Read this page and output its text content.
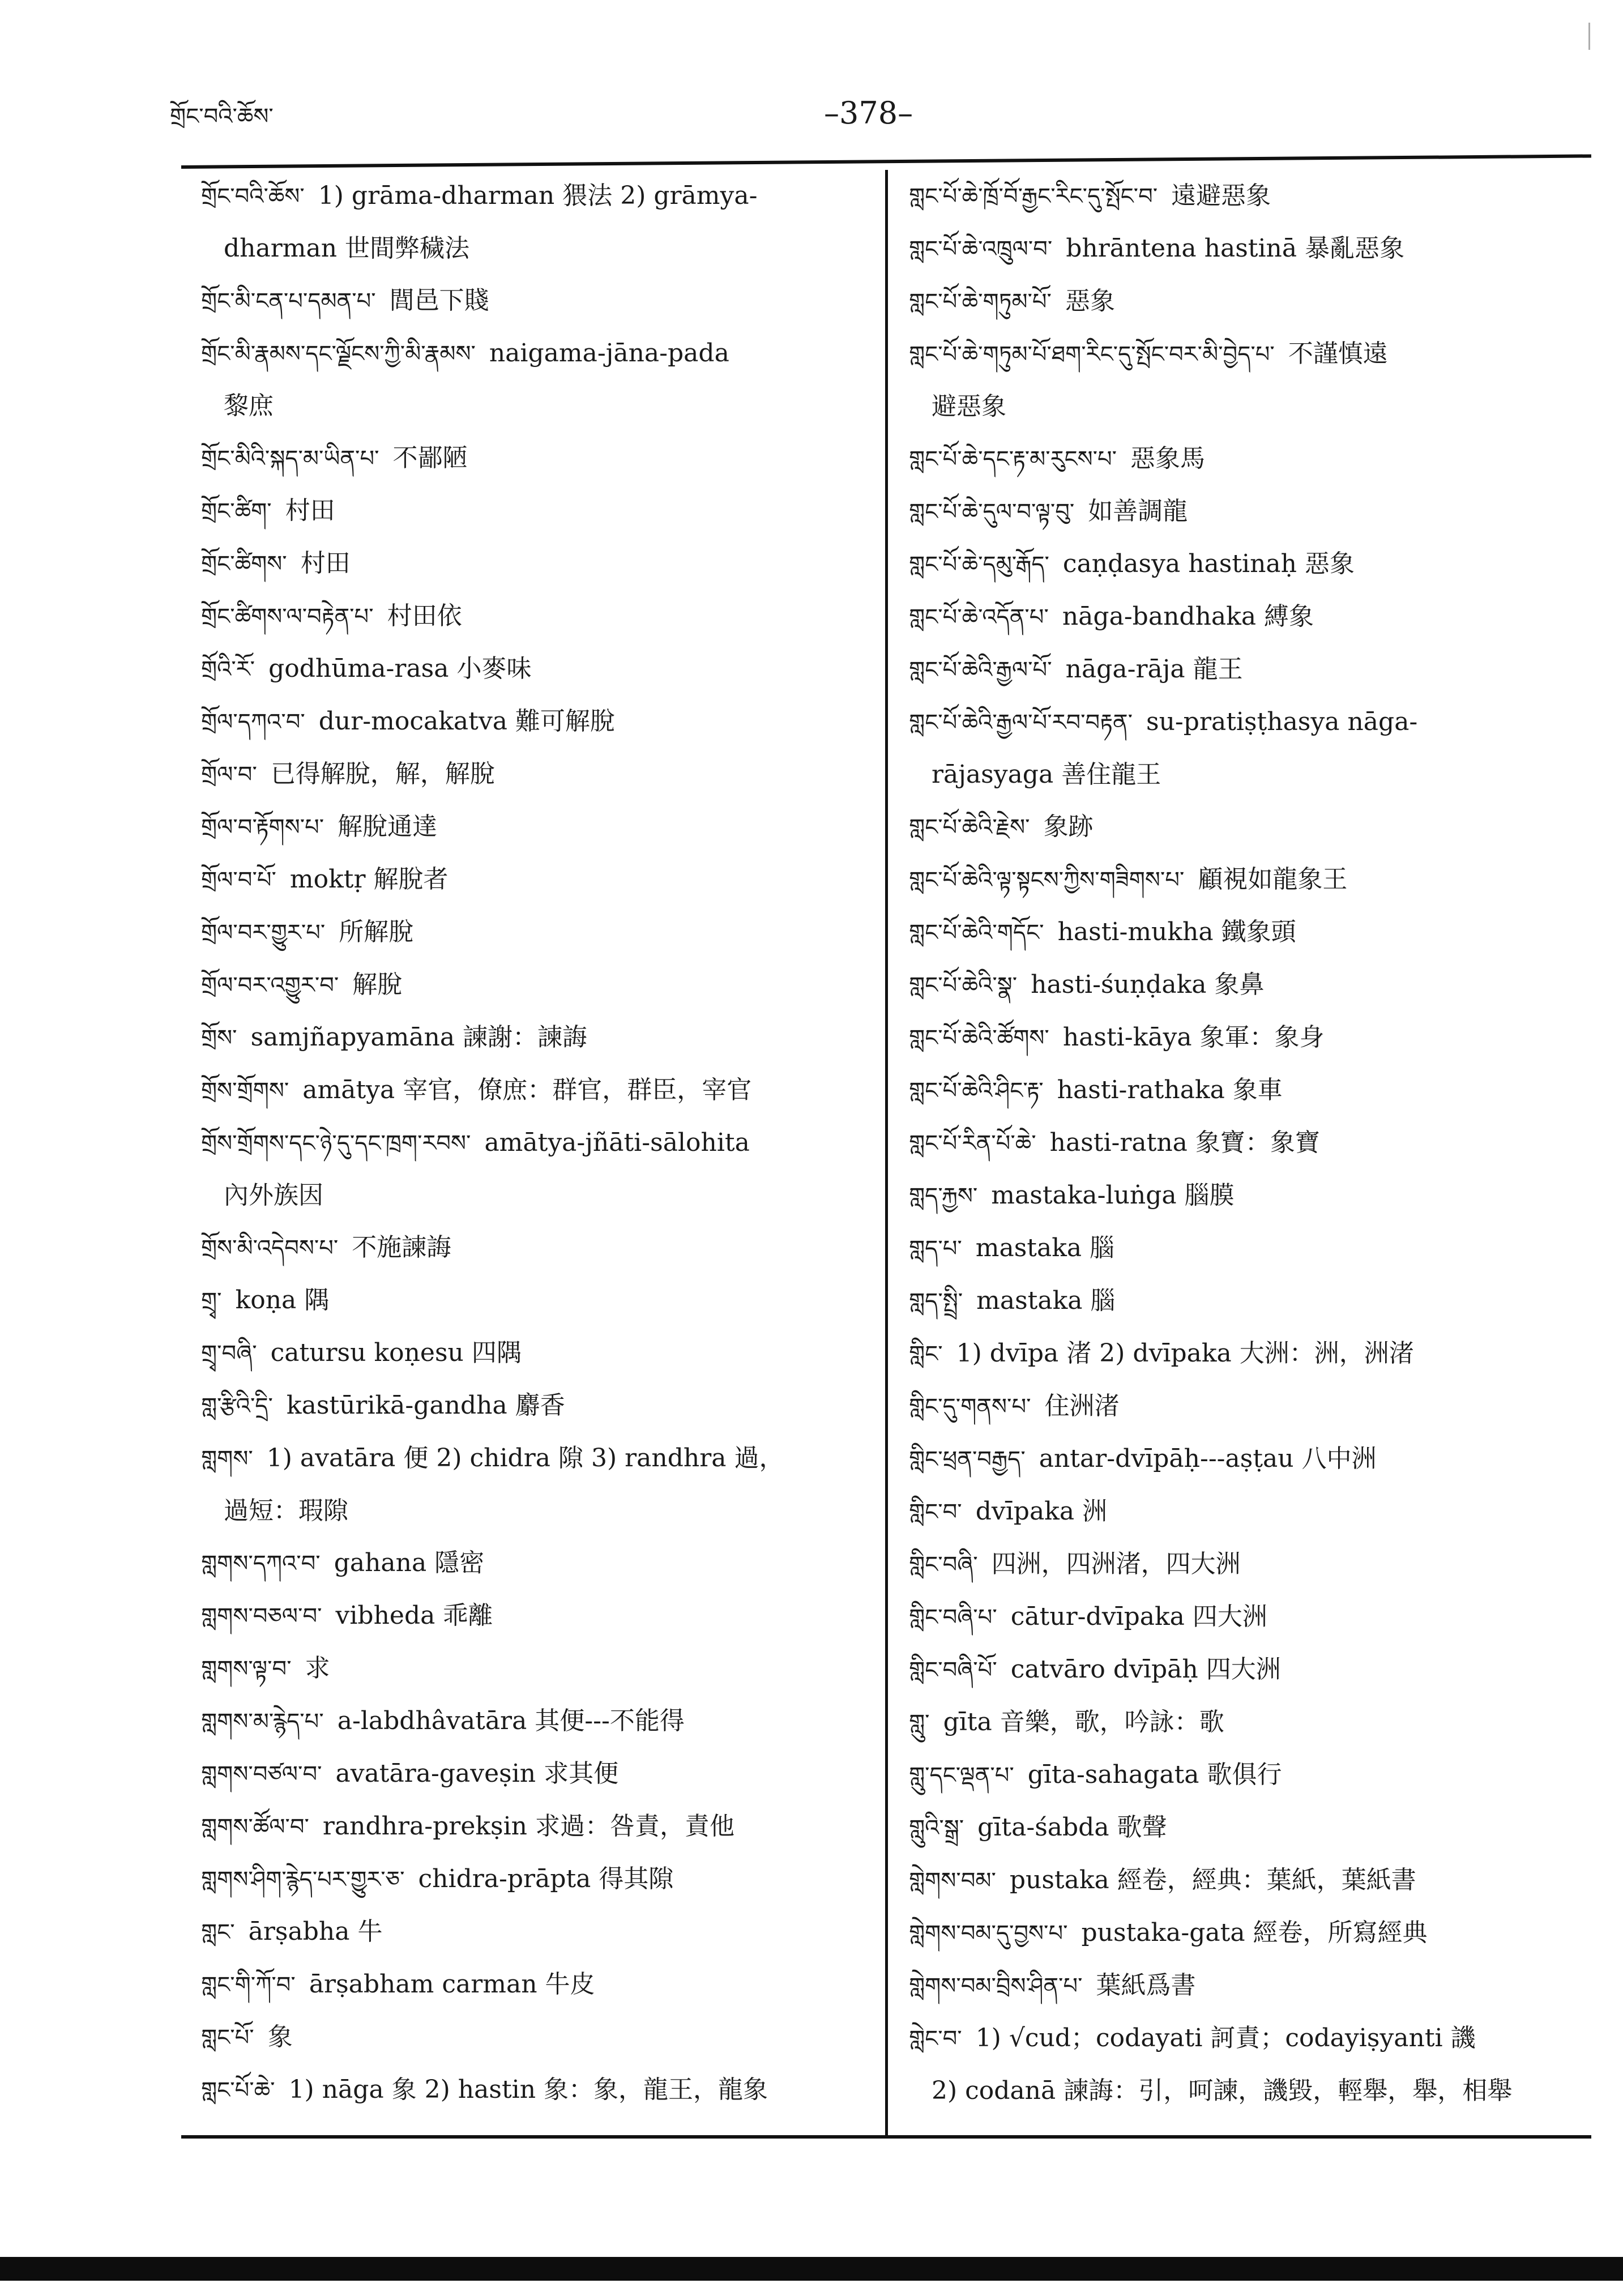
གྲོང་བའི་ཆོས་	–378–
གྲོང་བའི་ཆོས་ 1) grāma-dharman 猥法 2) grāmya-
dharman 世間弊穢法
གྲོང་མི་ངན་པ་དམན་པ་ 閭邑下賤
གྲོང་མི་རྣམས་དང་ལྗོངས་ཀྱི་མི་རྣམས་ naigama-jāna-pada
黎庶
གྲོང་མིའི་སྐད་མ་ཡིན་པ་ 不鄙陋
གྲོང་ཚིག་ 村田
གྲོང་ཚིགས་ 村田
གྲོང་ཚིགས་ལ་བརྟེན་པ་ 村田依
གྲོའི་རོ་ godhūma-rasa 小麥味
གྲོལ་དཀའ་བ་ dur-mocakatva 難可解脫
གྲོལ་བ་ 已得解脫，解，解脫
གྲོལ་བ་རྟོགས་པ་ 解脫通達
གྲོལ་བ་པོ་ moktṛ 解脫者
གྲོལ་བར་གྱུར་པ་ 所解脫
གྲོལ་བར་འགྱུར་བ་ 解脫
གྲོས་ samjñapyamāna 諫謝：諫誨
གྲོས་གྲོགས་ amātya 宰官，僚庶：群官，群臣，宰官
གྲོས་གྲོགས་དང་ཉེ་དུ་དང་ཁྲག་རབས་ amātya-jñāti-sālohita
內外族因
གྲོས་མི་འདེབས་པ་ 不施諫誨
གྲྭ་ koṇa 隅
གྲྭ་བཞི་ catursu koṇesu 四隅
གླ་རྩིའི་དྲི་ kastūrikā-gandha 麝香
གླགས་ 1) avatāra 便 2) chidra 隙 3) randhra 過，
過短：瑕隙
གླགས་དཀའ་བ་ gahana 隱密
གླགས་བཅལ་བ་ vibheda 乖離
གླགས་ལྟ་བ་ 求
གླགས་མ་རྙེད་པ་ a-labdhâvatāra 其便---不能得
གླགས་བཙལ་བ་ avatāra-gaveṣin 求其便
གླགས་ཚོལ་བ་ randhra-prekṣin 求過：咎責，責他
གླགས་ཤིག་རྙེད་པར་གྱུར་ཅ་ chidra-prāpta 得其隙
གླང་ ārṣabha 牛
གླང་གི་ཀོ་བ་ ārṣabham carman 牛皮
གླང་པོ་ 象
གླང་པོ་ཆེ་ 1) nāga 象 2) hastin 象：象，龍王，龍象
གླང་པོ་ཆེ་ཁྲོ་བོ་རྒྱང་རིང་དུ་སྤོང་བ་ 遠避惡象
གླང་པོ་ཆེ་འཁྲུལ་བ་ bhrāntena hastinā 暴亂惡象
གླང་པོ་ཆེ་གཏུམ་པོ་ 惡象
གླང་པོ་ཆེ་གཏུམ་པོ་ཐག་རིང་དུ་སྤོང་བར་མི་བྱེད་པ་ 不謹慎遠
避惡象
གླང་པོ་ཆེ་དང་རྟ་མ་རུངས་པ་ 惡象馬
གླང་པོ་ཆེ་དུལ་བ་ལྟ་བུ་ 如善調龍
གླང་པོ་ཆེ་དམུ་རྒོད་ caṇḍasya hastinaḥ 惡象
གླང་པོ་ཆེ་འདོན་པ་ nāga-bandhaka 縛象
གླང་པོ་ཆེའི་རྒྱལ་པོ་ nāga-rāja 龍王
གླང་པོ་ཆེའི་རྒྱལ་པོ་རབ་བརྟན་ su-pratiṣṭhasya nāga-
rājasyaga 善住龍王
གླང་པོ་ཆེའི་རྗེས་ 象跡
གླང་པོ་ཆེའི་ལྟ་སྟངས་ཀྱིས་གཟིགས་པ་ 顧視如龍象王
གླང་པོ་ཆེའི་གདོང་ hasti-mukha 鐵象頭
གླང་པོ་ཆེའི་སྣ་ hasti-śuṇḍaka 象鼻
གླང་པོ་ཆེའི་ཚོགས་ hasti-kāya 象軍：象身
གླང་པོ་ཆེའི་ཤིང་རྟ་ hasti-rathaka 象車
གླང་པོ་རིན་པོ་ཆེ་ hasti-ratna 象寶：象寶
གླད་རྐྱས་ mastaka-luṅga 腦膜
གླད་པ་ mastaka 腦
གླད་སྤྲི་ mastaka 腦
གླིང་ 1) dvīpa 渚 2) dvīpaka 大洲：洲，洲渚
གླིང་དུ་གནས་པ་ 住洲渚
གླིང་ཕྲན་བརྒྱད་ antar-dvīpāḥ---aṣṭau 八中洲
གླིང་བ་ dvīpaka 洲
གླིང་བཞི་ 四洲，四洲渚，四大洲
གླིང་བཞི་པ་ cātur-dvīpaka 四大洲
གླིང་བཞི་པོ་ catvāro dvīpāḥ 四大洲
གླུ་ gīta 音樂，歌，吟詠：歌
གླུ་དང་ལྡན་པ་ gīta-sahagata 歌俱行
གླུའི་སྒྲ་ gīta-śabda 歌聲
གླེགས་བམ་ pustaka 經卷，經典：葉紙，葉紙書
གླེགས་བམ་དུ་བྱས་པ་ pustaka-gata 經卷，所寫經典
གླེགས་བམ་བྲིས་ཤིན་པ་ 葉紙爲書
གླེང་བ་ 1) √cud；codayati 訶責；codayiṣyanti 譏
2) codanā 諫誨：引，呵諫，譏毀，輕舉，舉，相舉
